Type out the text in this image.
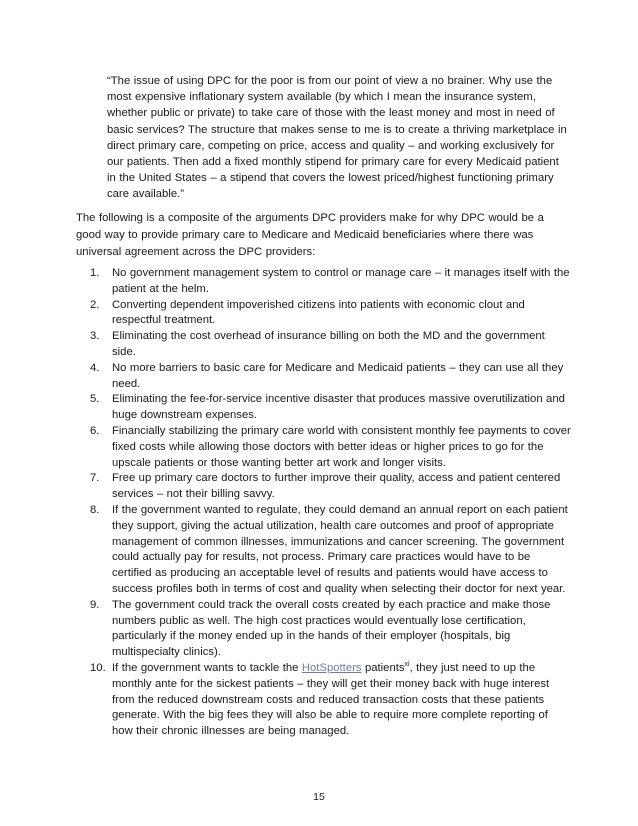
“The issue of using DPC for the poor is from our point of view a no brainer. Why use the most expensive inflationary system available (by which I mean the insurance system, whether public or private) to take care of those with the least money and most in need of basic services? The structure that makes sense to me is to create a thriving marketplace in direct primary care, competing on price, access and quality – and working exclusively for our patients. Then add a fixed monthly stipend for primary care for every Medicaid patient in the United States – a stipend that covers the lowest priced/highest functioning primary care available.”

The following is a composite of the arguments DPC providers make for why DPC would be a good way to provide primary care to Medicare and Medicaid beneficiaries where there was universal agreement across the DPC providers:

1. No government management system to control or manage care – it manages itself with the patient at the helm.
2. Converting dependent impoverished citizens into patients with economic clout and respectful treatment.
3. Eliminating the cost overhead of insurance billing on both the MD and the government side.
4. No more barriers to basic care for Medicare and Medicaid patients – they can use all they need.
5. Eliminating the fee-for-service incentive disaster that produces massive overutilization and huge downstream expenses.
6. Financially stabilizing the primary care world with consistent monthly fee payments to cover fixed costs while allowing those doctors with better ideas or higher prices to go for the upscale patients or those wanting better art work and longer visits.
7. Free up primary care doctors to further improve their quality, access and patient centered services – not their billing savvy.
8. If the government wanted to regulate, they could demand an annual report on each patient they support, giving the actual utilization, health care outcomes and proof of appropriate management of common illnesses, immunizations and cancer screening. The government could actually pay for results, not process. Primary care practices would have to be certified as producing an acceptable level of results and patients would have access to success profiles both in terms of cost and quality when selecting their doctor for next year.
9. The government could track the overall costs created by each practice and make those numbers public as well. The high cost practices would eventually lose certification, particularly if the money ended up in the hands of their employer (hospitals, big multispecialty clinics).
10. If the government wants to tackle the HotSpotters patients$^{xi}$, they just need to up the monthly ante for the sickest patients – they will get their money back with huge interest from the reduced downstream costs and reduced transaction costs that these patients generate. With the big fees they will also be able to require more complete reporting of how their chronic illnesses are being managed.
15
